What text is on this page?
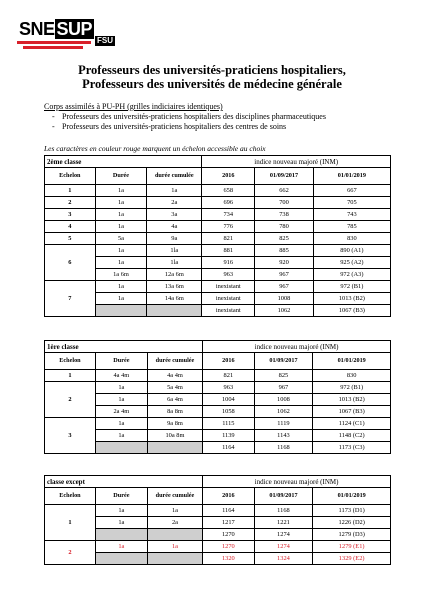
SNE SUP
FSU
Professeurs des universités-praticiens hospitaliers,
Professeurs des universités de médecine générale
Corps assimilés à PU-PH (grilles indiciaires identiques)
- Professeurs des universités-praticiens hospitaliers des disciplines pharmaceutiques
- Professeurs des universités-praticiens hospitaliers des centres de soins
Les caractères en couleur rouge marquent un échelon accessible au choix
2ème classe			indice nouveau majoré (INM)		
Echelon	Durée	durée cumulée	2016	01/09/2017	01/01/2019
1	1a	1a	658	662	667
2	1a	2a	696	700	705
3	1a	3a	734	738	743
4	1a	4a	776	780	785
5	5a	9a	821	825	830
6	1a	1la	881	885	890 (A1)
	1a	1la	916	920	925 (A2)
	1a 6m	12a 6m	963	967	972 (A3)
7	1a	13a 6m	inexistant	967	972 (B1)
	1a	14a 6m	inexistant	1008	1013 (B2)
			inexistant	1062	1067 (B3)
1ère classe			indice nouveau majoré (INM)		
Echelon	Durée	durée cumulée	2016	01/09/2017	01/01/2019
1	4a 4m	4a 4m	821	825	830
2	1a	5a 4m	963	967	972 (B1)
	1a	6a 4m	1004	1008	1013 (B2)
	2a 4m	8a 8m	1058	1062	1067 (B3)
3	1a	9a 8m	1115	1119	1124 (C1)
	1a	10a 8m	1139	1143	1148 (C2)
			1164	1168	1173 (C3)
classe except			indice nouveau majoré (INM)		
Echelon	Durée	durée cumulée	2016	01/09/2017	01/01/2019
1	1a	1a	1164	1168	1173 (D1)
	1a	2a	1217	1221	1226 (D2)
			1270	1274	1279 (D3)
2	1a	1a	1270	1274	1279 (E1)
			1320	1324	1329 (E2)
